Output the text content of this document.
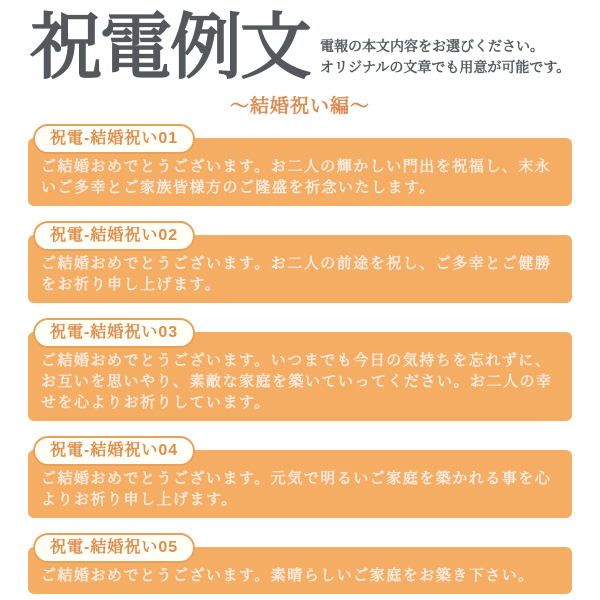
祝電例文 電報の本文内容をお選びください。
オリジナルの文章でも用意が可能です。
〜結婚祝い編〜
祝電-結婚祝い01
ご結婚おめでとうございます。お二人の輝かしい門出を祝福し、末永いご多幸とご家族皆様方のご隆盛を祈念いたします。
祝電-結婚祝い02
ご結婚おめでとうございます。お二人の前途を祝し、ご多幸とご健勝をお祈り申し上げます。
祝電-結婚祝い03
ご結婚おめでとうございます。いつまでも今日の気持ちを忘れずに、お互いを思いやり、素敵な家庭を築いていってください。お二人の幸せを心よりお祈りしています。
祝電-結婚祝い04
ご結婚おめでとうございます。元気で明るいご家庭を築かれる事を心よりお祈り申し上げます。
祝電-結婚祝い05
ご結婚おめでとうございます。素晴らしいご家庭をお築き下さい。
